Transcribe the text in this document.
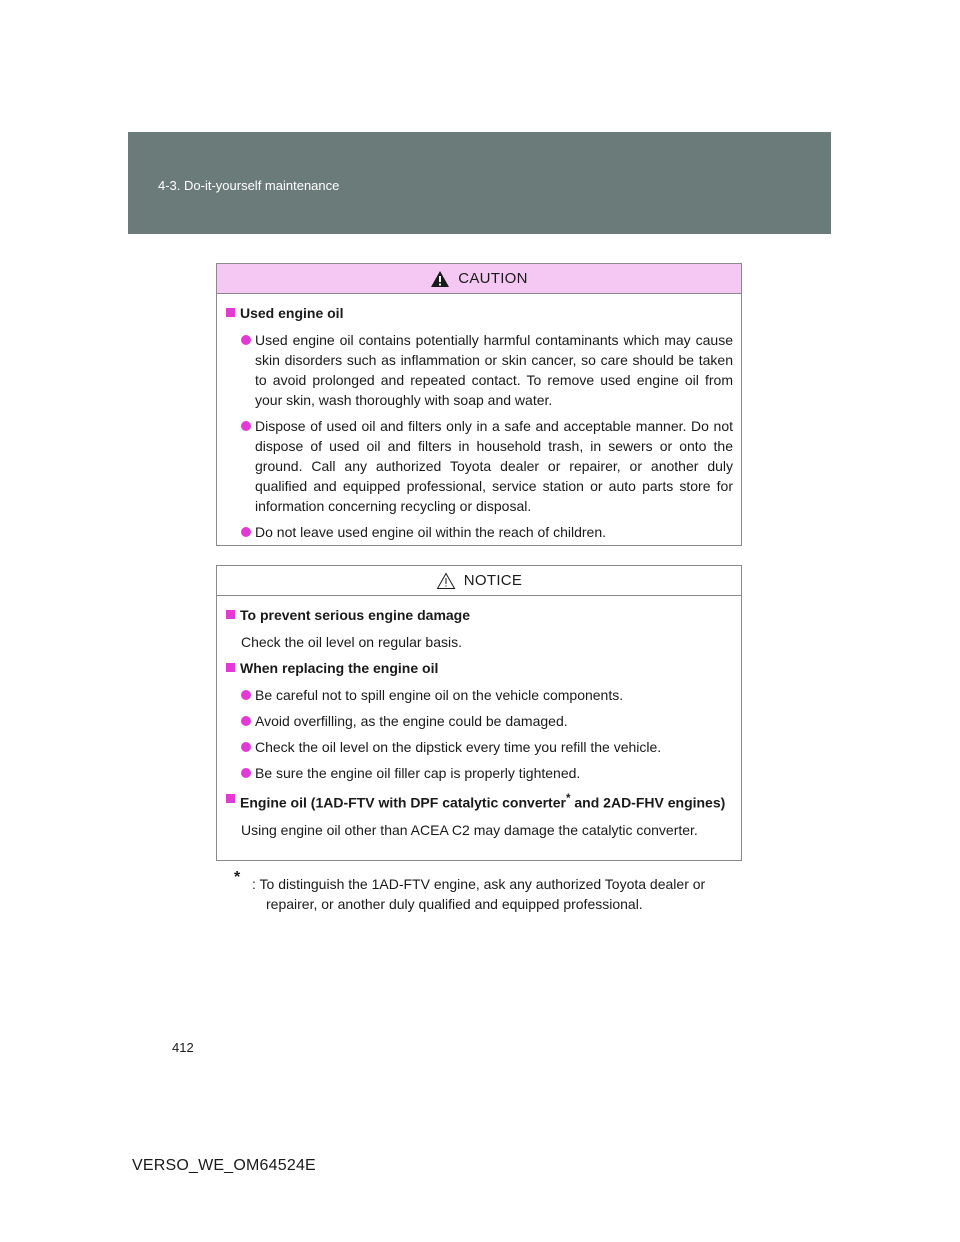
4-3. Do-it-yourself maintenance
CAUTION
Used engine oil
Used engine oil contains potentially harmful contaminants which may cause skin disorders such as inflammation or skin cancer, so care should be taken to avoid prolonged and repeated contact. To remove used engine oil from your skin, wash thoroughly with soap and water.
Dispose of used oil and filters only in a safe and acceptable manner. Do not dispose of used oil and filters in household trash, in sewers or onto the ground. Call any authorized Toyota dealer or repairer, or another duly qualified and equipped professional, service station or auto parts store for information concerning recycling or disposal.
Do not leave used engine oil within the reach of children.
NOTICE
To prevent serious engine damage
Check the oil level on regular basis.
When replacing the engine oil
Be careful not to spill engine oil on the vehicle components.
Avoid overfilling, as the engine could be damaged.
Check the oil level on the dipstick every time you refill the vehicle.
Be sure the engine oil filler cap is properly tightened.
Engine oil (1AD-FTV with DPF catalytic converter* and 2AD-FHV engines)
Using engine oil other than ACEA C2 may damage the catalytic converter.
* : To distinguish the 1AD-FTV engine, ask any authorized Toyota dealer or
repairer, or another duly qualified and equipped professional.
412
VERSO_WE_OM64524E
